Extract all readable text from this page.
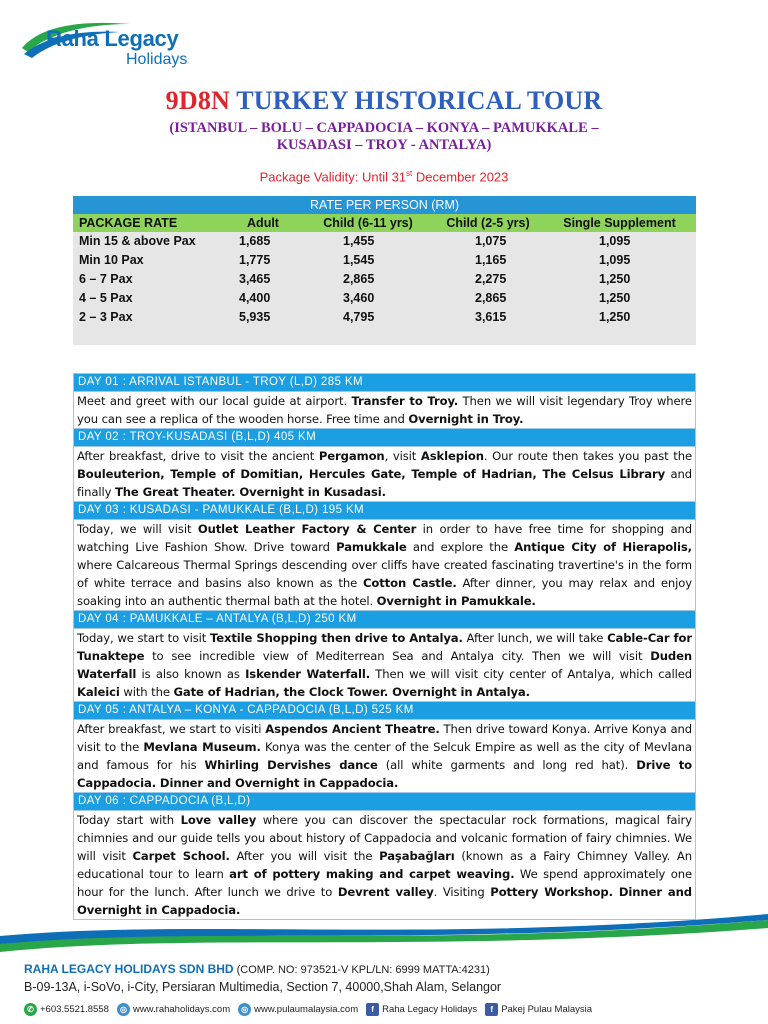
Raha Legacy
Holidays
9D8N TURKEY HISTORICAL TOUR
(ISTANBUL – BOLU – CAPPADOCIA – KONYA – PAMUKKALE –
KUSADASI – TROY - ANTALYA)
Package Validity: Until 31st December 2023
RATE PER PERSON (RM)
PACKAGE RATE	Adult	Child (6-11 yrs)	Child (2-5 yrs)	Single Supplement
Min 15 & above Pax	1,685	1,455	1,075	1,095
Min 10 Pax	1,775	1,545	1,165	1,095
6 – 7 Pax	3,465	2,865	2,275	1,250
4 – 5 Pax	4,400	3,460	2,865	1,250
2 – 3 Pax	5,935	4,795	3,615	1,250
DAY 01 : ARRIVAL ISTANBUL - TROY (L,D) 285 KM
Meet and greet with our local guide at airport. Transfer to Troy. Then we will visit legendary Troy where you can see a replica of the wooden horse. Free time and Overnight in Troy.
DAY 02 : TROY-KUSADASI (B,L,D) 405 KM
After breakfast, drive to visit the ancient Pergamon, visit Asklepion. Our route then takes you past the Bouleuterion, Temple of Domitian, Hercules Gate, Temple of Hadrian, The Celsus Library and finally The Great Theater. Overnight in Kusadasi.
DAY 03 : KUSADASI - PAMUKKALE (B,L,D) 195 KM
Today, we will visit Outlet Leather Factory & Center in order to have free time for shopping and watching Live Fashion Show. Drive toward Pamukkale and explore the Antique City of Hierapolis, where Calcareous Thermal Springs descending over cliffs have created fascinating travertine's in the form of white terrace and basins also known as the Cotton Castle. After dinner, you may relax and enjoy soaking into an authentic thermal bath at the hotel. Overnight in Pamukkale.
DAY 04 : PAMUKKALE – ANTALYA (B,L,D) 250 KM
Today, we start to visit Textile Shopping then drive to Antalya. After lunch, we will take Cable-Car for Tunaktepe to see incredible view of Mediterrean Sea and Antalya city. Then we will visit Duden Waterfall is also known as Iskender Waterfall. Then we will visit city center of Antalya, which called Kaleici with the Gate of Hadrian, the Clock Tower. Overnight in Antalya.
DAY 05 : ANTALYA – KONYA - CAPPADOCIA (B,L,D) 525 KM
After breakfast, we start to visiti Aspendos Ancient Theatre. Then drive toward Konya. Arrive Konya and visit to the Mevlana Museum. Konya was the center of the Selcuk Empire as well as the city of Mevlana and famous for his Whirling Dervishes dance (all white garments and long red hat). Drive to Cappadocia. Dinner and Overnight in Cappadocia.
DAY 06 : CAPPADOCIA (B,L,D)
Today start with Love valley where you can discover the spectacular rock formations, magical fairy chimnies and our guide tells you about history of Cappadocia and volcanic formation of fairy chimnies. We will visit Carpet School. After you will visit the Paşabağları (known as a Fairy Chimney Valley. An educational tour to learn art of pottery making and carpet weaving. We spend approximately one hour for the lunch. After lunch we drive to Devrent valley. Visiting Pottery Workshop. Dinner and Overnight in Cappadocia.
RAHA LEGACY HOLIDAYS SDN BHD (COMP. NO: 973521-V KPL/LN: 6999 MATTA:4231)
B-09-13A, i-SoVo, i-City, Persiaran Multimedia, Section 7, 40000,Shah Alam, Selangor
✆ +603.5521.8558	◎ www.rahaholidays.com	◎ www.pulaumalaysia.com	f Raha Legacy Holidays	f Pakej Pulau Malaysia
